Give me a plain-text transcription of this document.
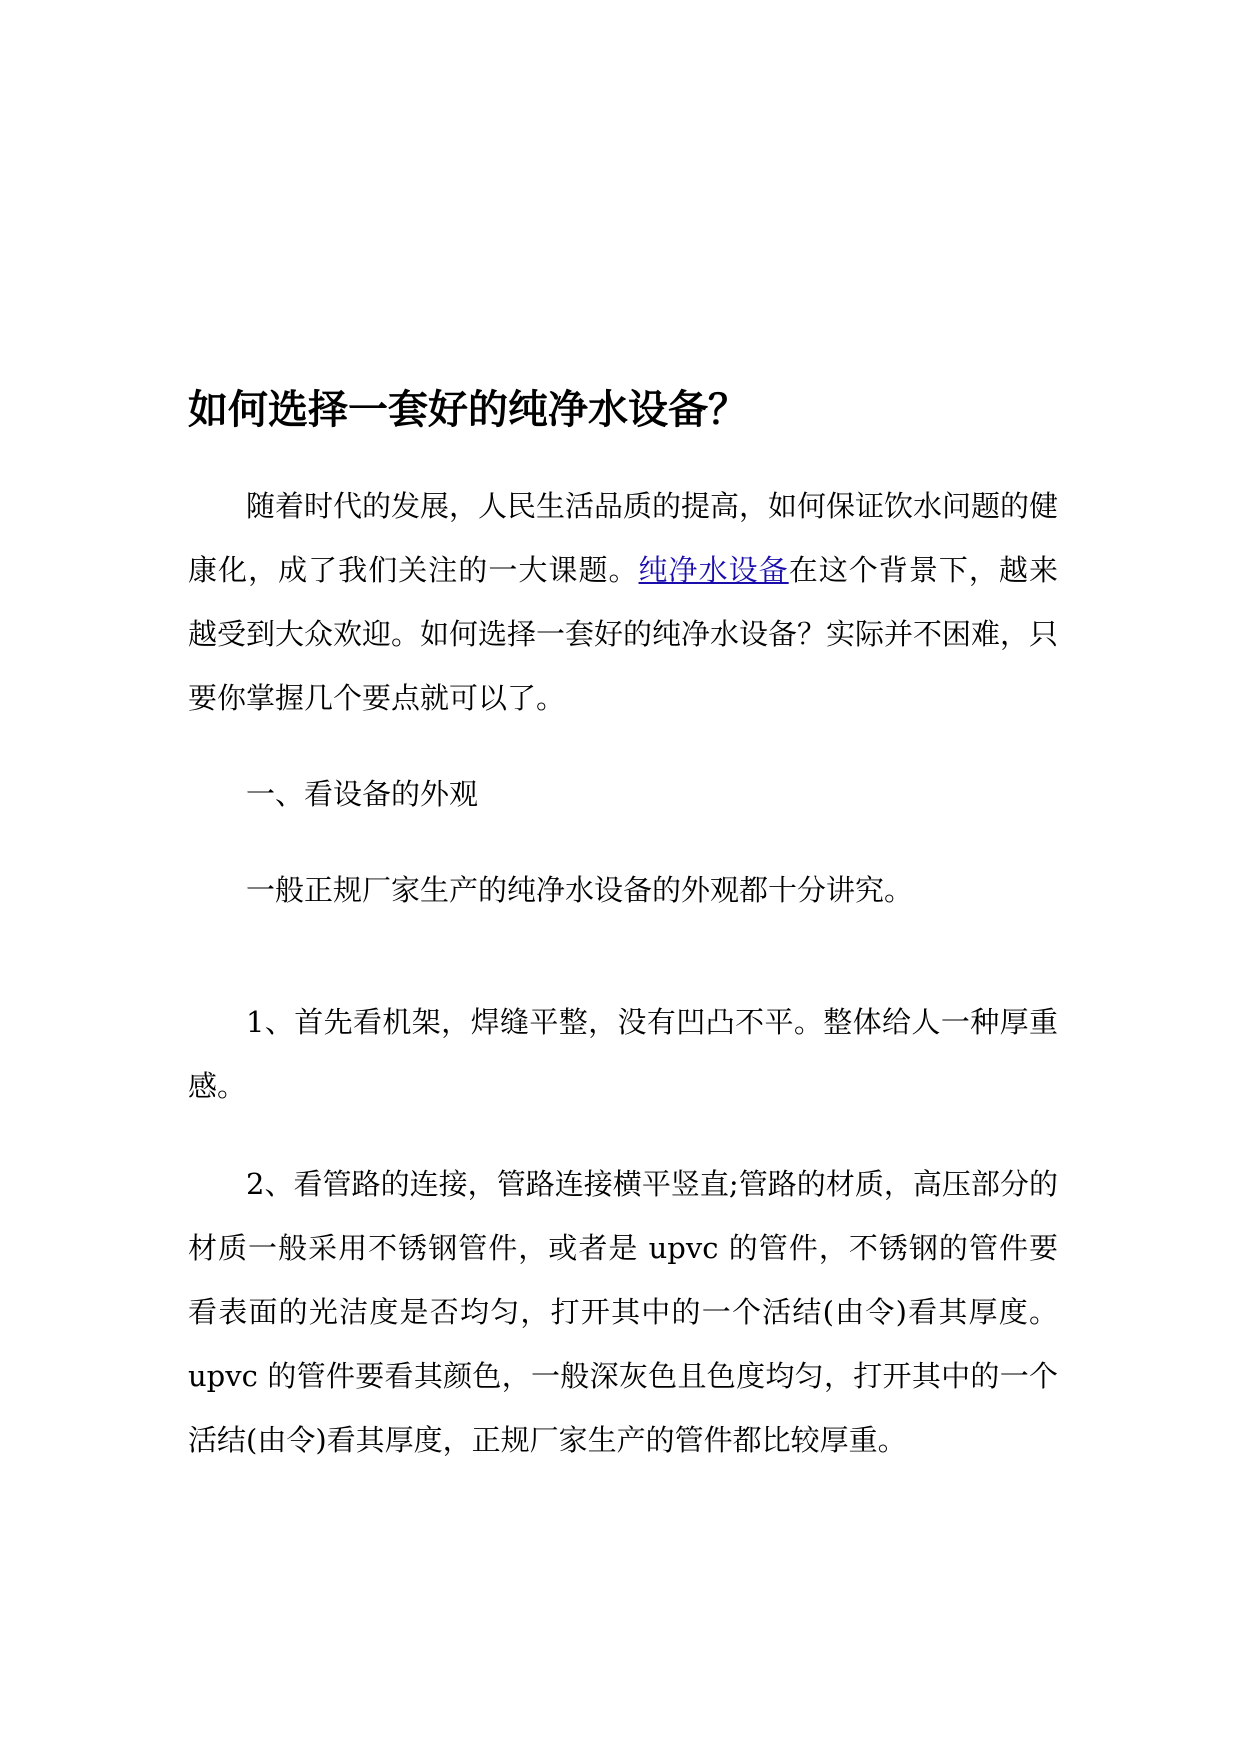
如何选择一套好的纯净水设备？

随着时代的发展，人民生活品质的提高，如何保证饮水问题的健康化，成了我们关注的一大课题。纯净水设备在这个背景下，越来越受到大众欢迎。如何选择一套好的纯净水设备？实际并不困难，只要你掌握几个要点就可以了。

一、看设备的外观

一般正规厂家生产的纯净水设备的外观都十分讲究。

1、首先看机架，焊缝平整，没有凹凸不平。整体给人一种厚重感。

2、看管路的连接，管路连接横平竖直;管路的材质，高压部分的材质一般采用不锈钢管件，或者是 upvc 的管件，不锈钢的管件要看表面的光洁度是否均匀，打开其中的一个活结(由令)看其厚度。upvc 的管件要看其颜色，一般深灰色且色度均匀，打开其中的一个活结(由令)看其厚度，正规厂家生产的管件都比较厚重。
